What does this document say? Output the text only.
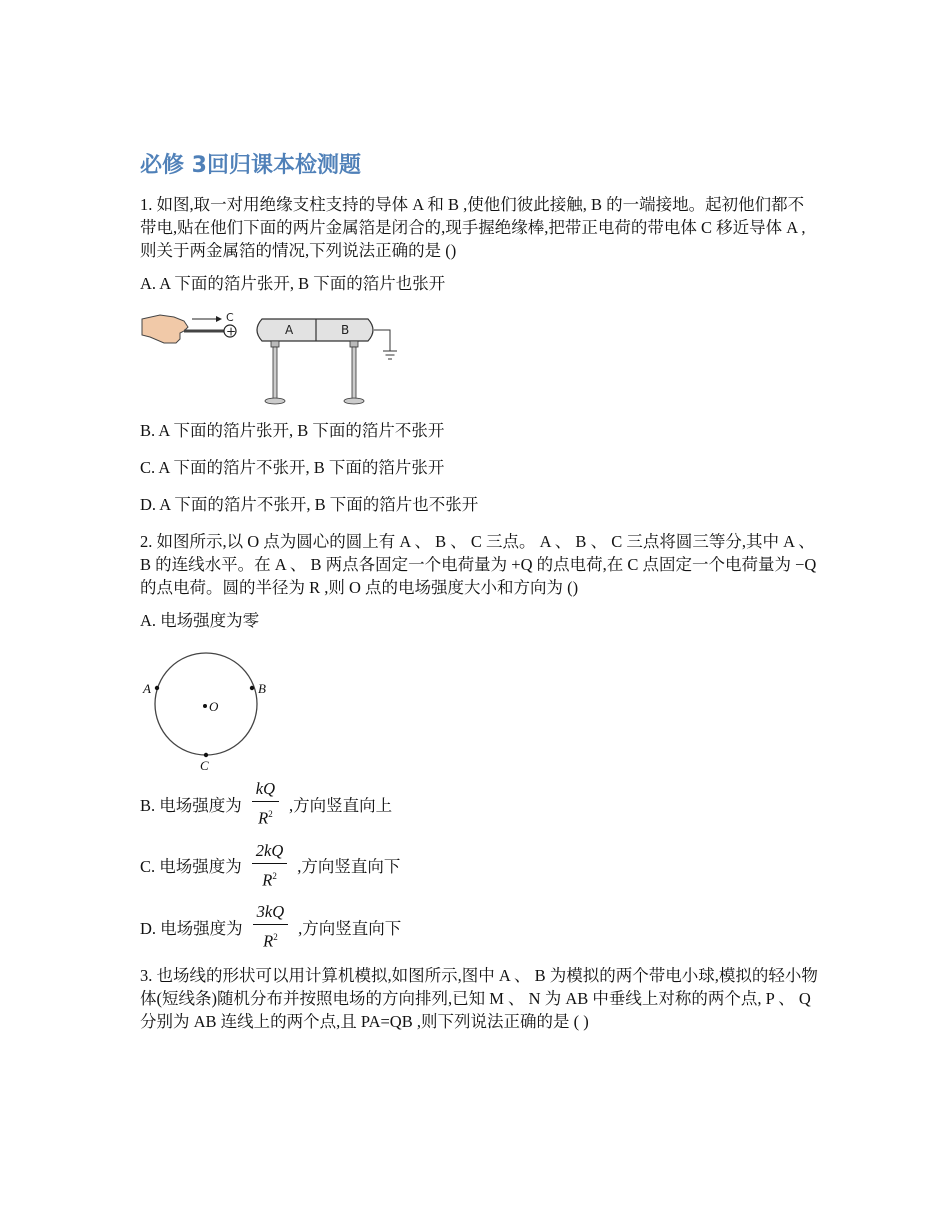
必修 3回归课本检测题

1. 如图,取一对用绝缘支柱支持的导体 A 和 B ,使他们彼此接触, B 的一端接地。起初他们都不带电,贴在他们下面的两片金属箔是闭合的,现手握绝缘棒,把带正电荷的带电体 C 移近导体 A ,则关于两金属箔的情况,下列说法正确的是 ()

A. A 下面的箔片张开, B 下面的箔片也张开

+
C
A	B

B. A 下面的箔片张开, B 下面的箔片不张开

C. A 下面的箔片不张开, B 下面的箔片张开

D. A 下面的箔片不张开, B 下面的箔片也不张开

2. 如图所示,以 O 点为圆心的圆上有 A 、 B 、 C 三点。 A 、 B 、 C 三点将圆三等分,其中 A 、 B 的连线水平。在 A 、 B 两点各固定一个电荷量为 +Q 的点电荷,在 C 点固定一个电荷量为 −Q 的点电荷。圆的半径为 R ,则 O 点的电场强度大小和方向为 ()

A. 电场强度为零

A	B
C
O
B. 电场强度为 $\frac{kQ}{R^2}$ ,方向竖直向上
C. 电场强度为 $\frac{2kQ}{R^2}$ ,方向竖直向下
D. 电场强度为 $\frac{3kQ}{R^2}$ ,方向竖直向下

3. 也场线的形状可以用计算机模拟,如图所示,图中 A 、 B 为模拟的两个带电小球,模拟的轻小物体(短线条)随机分布并按照电场的方向排列,已知 M 、 N 为 AB 中垂线上对称的两个点, P 、 Q 分别为 AB 连线上的两个点,且 PA=QB ,则下列说法正确的是 ( )
